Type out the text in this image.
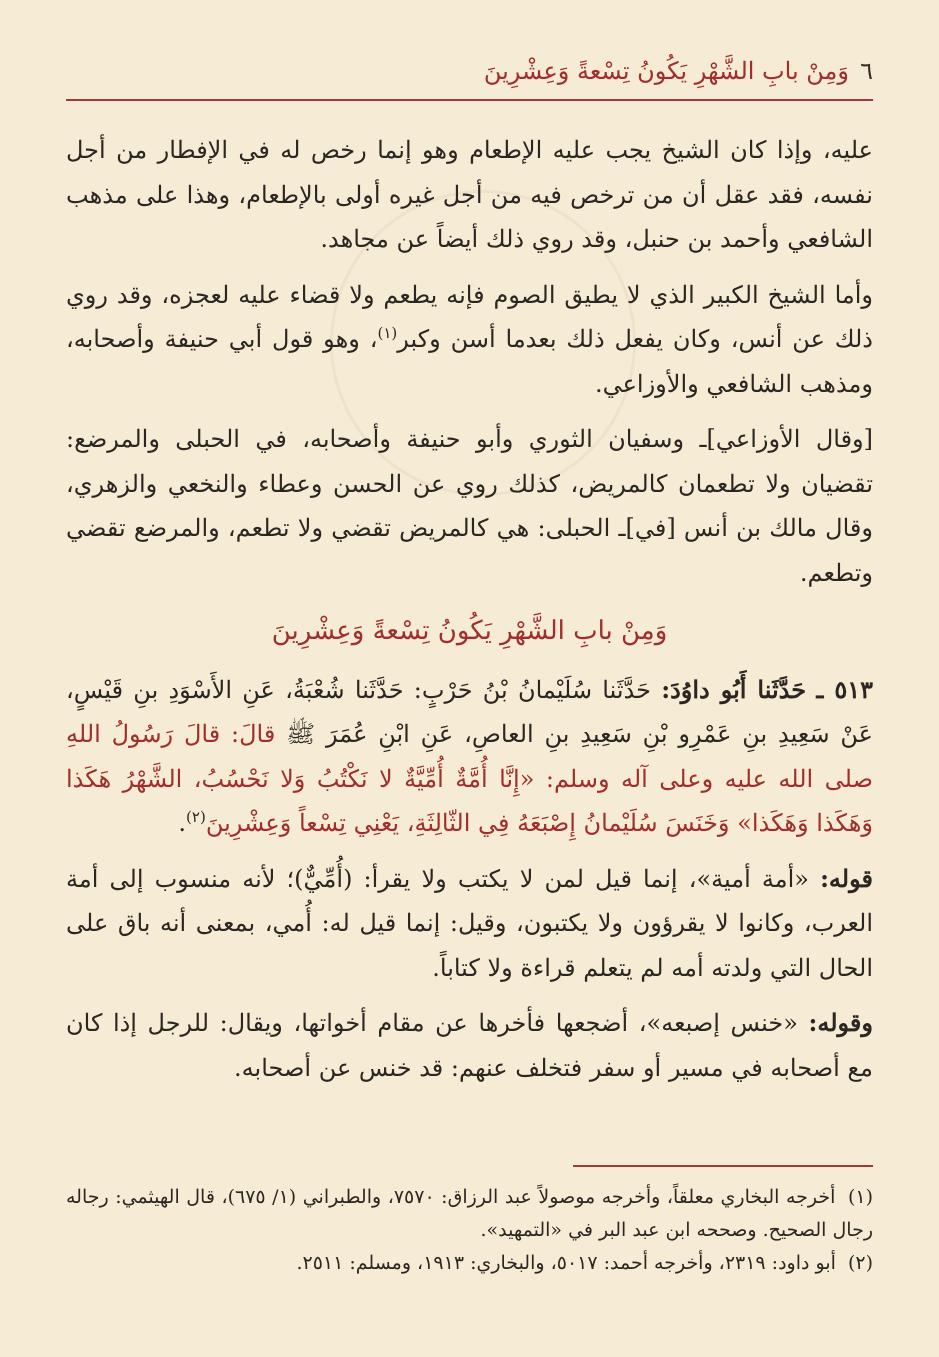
٦
وَمِنْ بابِ الشَّهْرِ يَكُونُ تِسْعةً وَعِشْرِينَ

عليه، وإذا كان الشيخ يجب عليه الإطعام وهو إنما رخص له في الإفطار من أجل نفسه، فقد عقل أن من ترخص فيه من أجل غيره أولى بالإطعام، وهذا على مذهب الشافعي وأحمد بن حنبل، وقد روي ذلك أيضاً عن مجاهد.

وأما الشيخ الكبير الذي لا يطيق الصوم فإنه يطعم ولا قضاء عليه لعجزه، وقد روي ذلك عن أنس، وكان يفعل ذلك بعدما أسن وكبر$^{(١)}$، وهو قول أبي حنيفة وأصحابه، ومذهب الشافعي والأوزاعي.

[وقال الأوزاعي]ـ وسفيان الثوري وأبو حنيفة وأصحابه، في الحبلى والمرضع: تقضيان ولا تطعمان كالمريض، كذلك روي عن الحسن وعطاء والنخعي والزهري، وقال مالك بن أنس [في]ـ الحبلى: هي كالمريض تقضي ولا تطعم، والمرضع تقضي وتطعم.

وَمِنْ بابِ الشَّهْرِ يَكُونُ تِسْعةً وَعِشْرِينَ

٥١٣ ـ حَدَّثَنا أَبُو داوُدَ: حَدَّثَنا سُلَيْمانُ بْنُ حَرْبٍ: حَدَّثَنا شُعْبَةُ، عَنِ الأَسْوَدِ بنِ قَيْسٍ، عَنْ سَعِيدِ بنِ عَمْرِو بْنِ سَعِيدِ بنِ العاصِ، عَنِ ابْنِ عُمَرَ ﷺ قالَ: قالَ رَسُولُ اللهِ صلى الله عليه وعلى آله وسلم: «إِنَّا أُمَّةٌ أُمِّيَّةٌ لا نَكْتُبُ وَلا نَحْسُبُ، الشَّهْرُ هَكَذا وَهَكَذا وَهَكَذا» وَخَنَسَ سُلَيْمانُ إِصْبَعَهُ فِي الثّالِثَةِ، يَعْنِي تِسْعاً وَعِشْرِينَ$^{(٢)}$.

قوله: «أمة أمية»، إنما قيل لمن لا يكتب ولا يقرأ: (أُمِّيٌّ)؛ لأنه منسوب إلى أمة العرب، وكانوا لا يقرؤون ولا يكتبون، وقيل: إنما قيل له: أُمي، بمعنى أنه باق على الحال التي ولدته أمه لم يتعلم قراءة ولا كتاباً.

وقوله: «خنس إصبعه»، أضجعها فأخرها عن مقام أخواتها، ويقال: للرجل إذا كان مع أصحابه في مسير أو سفر فتخلف عنهم: قد خنس عن أصحابه.

(١) أخرجه البخاري معلقاً، وأخرجه موصولاً عبد الرزاق: ٧٥٧٠، والطبراني (١/ ٦٧٥)، قال الهيثمي: رجاله رجال الصحيح. وصححه ابن عبد البر في «التمهيد».

(٢) أبو داود: ٢٣١٩، وأخرجه أحمد: ٥٠١٧، والبخاري: ١٩١٣، ومسلم: ٢٥١١.
